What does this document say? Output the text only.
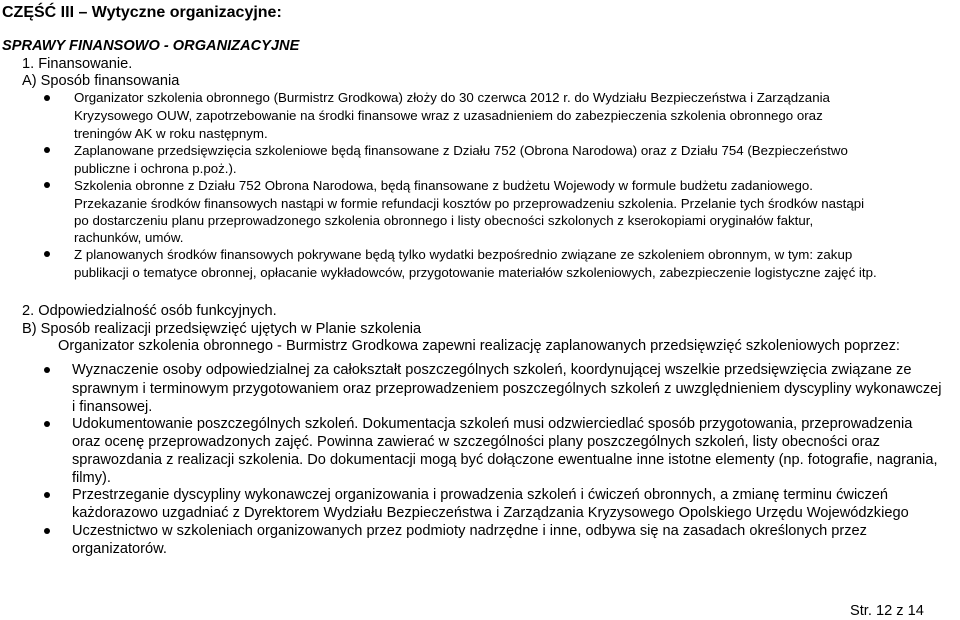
CZĘŚĆ III – Wytyczne organizacyjne:
SPRAWY FINANSOWO - ORGANIZACYJNE
1. Finansowanie.
A) Sposób finansowania
Organizator szkolenia obronnego (Burmistrz Grodkowa) złoży do 30 czerwca 2012 r. do Wydziału Bezpieczeństwa i Zarządzania
Kryzysowego OUW, zapotrzebowanie na środki finansowe wraz z uzasadnieniem do zabezpieczenia szkolenia obronnego oraz
treningów AK w roku następnym.
Zaplanowane przedsięwzięcia szkoleniowe będą finansowane z Działu 752 (Obrona Narodowa) oraz z Działu 754 (Bezpieczeństwo
publiczne i ochrona p.poż.).
Szkolenia obronne z Działu 752 Obrona Narodowa, będą finansowane z budżetu Wojewody w formule budżetu zadaniowego.
Przekazanie środków finansowych nastąpi w formie refundacji kosztów po przeprowadzeniu szkolenia. Przelanie tych środków nastąpi
po dostarczeniu planu przeprowadzonego szkolenia obronnego i listy obecności szkolonych z kserokopiami oryginałów faktur,
rachunków, umów.
Z planowanych środków finansowych pokrywane będą tylko wydatki bezpośrednio związane ze szkoleniem obronnym, w tym: zakup
publikacji o tematyce obronnej, opłacanie wykładowców, przygotowanie materiałów szkoleniowych, zabezpieczenie logistyczne zajęć itp.
2. Odpowiedzialność osób funkcyjnych.
B) Sposób realizacji przedsięwzięć ujętych w Planie szkolenia
Organizator szkolenia obronnego - Burmistrz Grodkowa zapewni realizację zaplanowanych przedsięwzięć szkoleniowych poprzez:
Wyznaczenie osoby odpowiedzialnej za całokształt poszczególnych szkoleń, koordynującej wszelkie przedsięwzięcia związane ze
sprawnym i terminowym przygotowaniem oraz przeprowadzeniem poszczególnych szkoleń z uwzględnieniem dyscypliny wykonawczej
i finansowej.
Udokumentowanie poszczególnych szkoleń. Dokumentacja szkoleń musi odzwierciedlać sposób przygotowania, przeprowadzenia
oraz ocenę przeprowadzonych zajęć. Powinna zawierać w szczególności plany poszczególnych szkoleń, listy obecności oraz
sprawozdania z realizacji szkolenia. Do dokumentacji mogą być dołączone ewentualne inne istotne elementy (np. fotografie, nagrania,
filmy).
Przestrzeganie dyscypliny wykonawczej organizowania i prowadzenia szkoleń i ćwiczeń obronnych, a zmianę terminu ćwiczeń
każdorazowo uzgadniać z Dyrektorem Wydziału Bezpieczeństwa i Zarządzania Kryzysowego Opolskiego Urzędu Wojewódzkiego
Uczestnictwo w szkoleniach organizowanych przez podmioty nadrzędne i inne, odbywa się na zasadach określonych przez
organizatorów.
Str. 12 z 14
